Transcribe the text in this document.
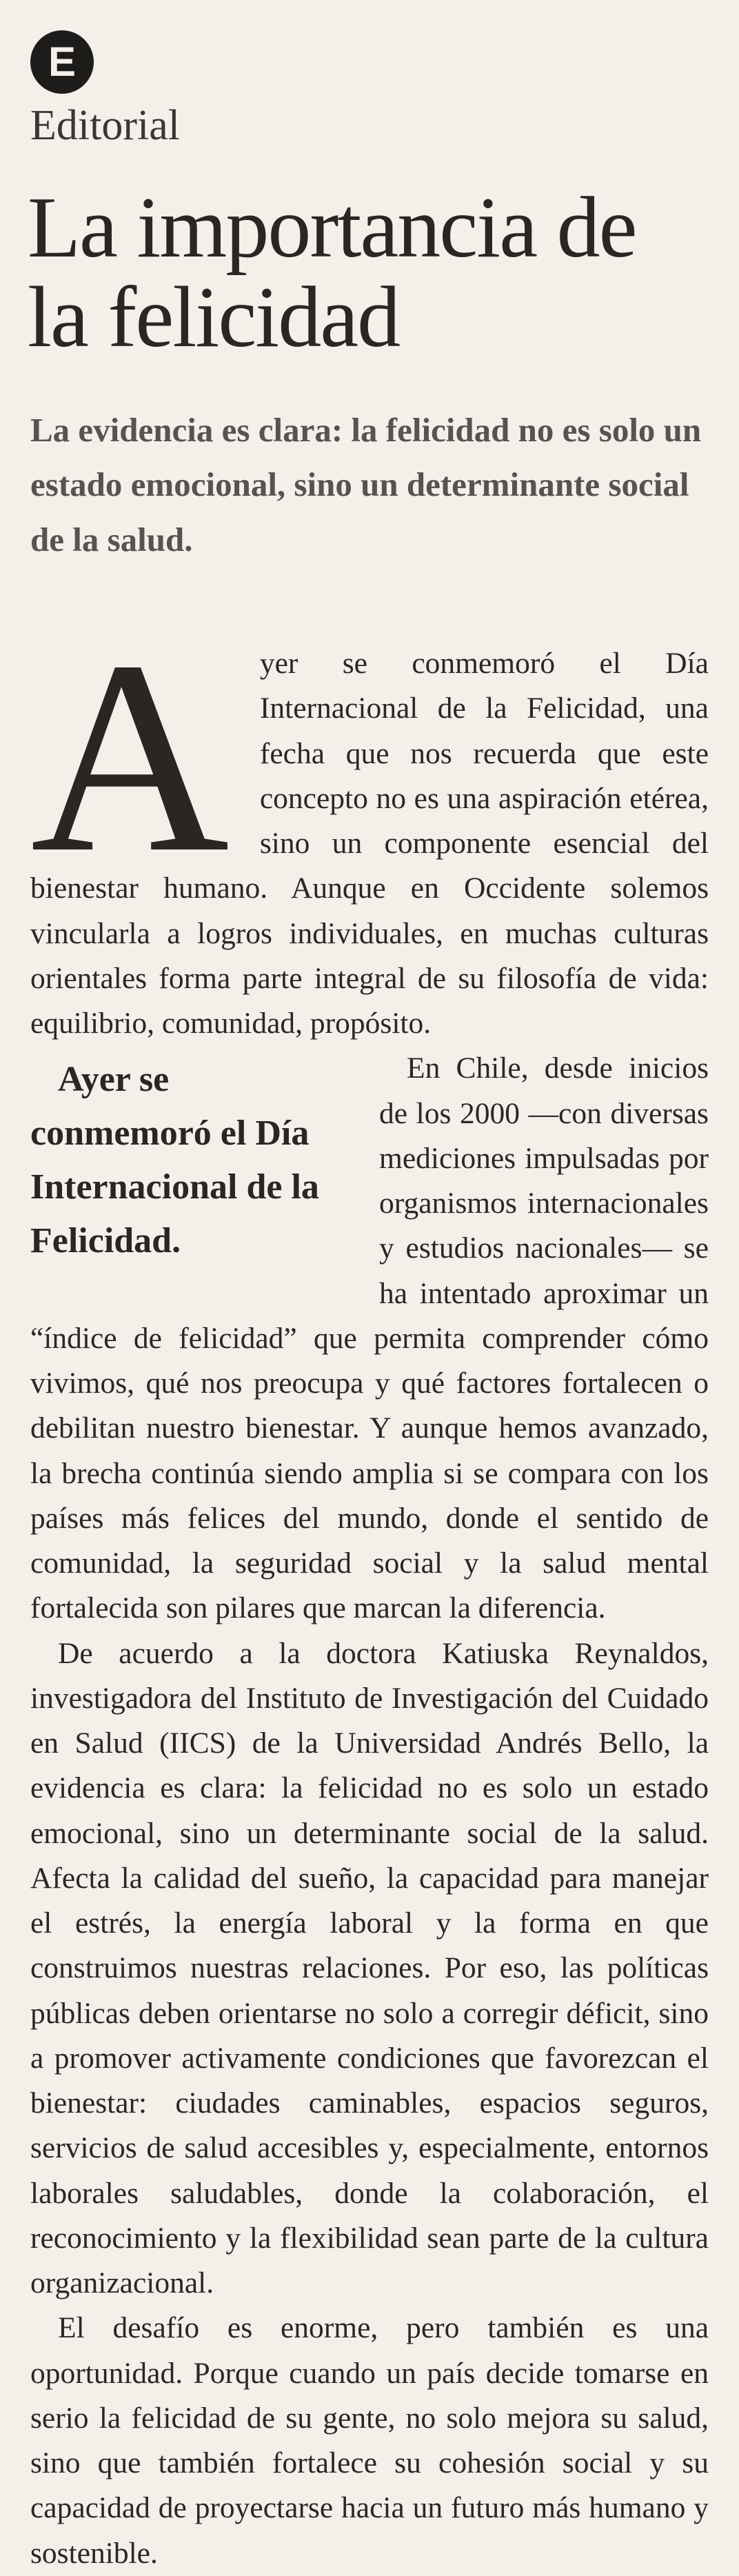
E
Editorial
La importancia de la felicidad
La evidencia es clara: la felicidad no es solo un estado emocional, sino un determinante social de la salud.
A	yer se conmemoró el Día Internacional de la Felicidad, una fecha que nos recuerda que este concepto no es una aspiración etérea, sino un componente esencial del bienestar humano. Aunque en Occidente solemos vincularla a logros individuales, en muchas culturas orientales forma parte integral de su filosofía de vida: equilibrio, comunidad, propósito.

Ayer se conmemoró el Día Internacional de la Felicidad.
En Chile, desde inicios de los 2000 —con diversas mediciones impulsadas por organismos internacionales y estudios nacionales— se ha intentado aproximar un “índice de felicidad” que permita comprender cómo vivimos, qué nos preocupa y qué factores fortalecen o debilitan nuestro bienestar. Y aunque hemos avanzado, la brecha continúa siendo amplia si se compara con los países más felices del mundo, donde el sentido de comunidad, la seguridad social y la salud mental fortalecida son pilares que marcan la diferencia.

De acuerdo a la doctora Katiuska Reynaldos, investigadora del Instituto de Investigación del Cuidado en Salud (IICS) de la Universidad Andrés Bello, la evidencia es clara: la felicidad no es solo un estado emocional, sino un determinante social de la salud. Afecta la calidad del sueño, la capacidad para manejar el estrés, la energía laboral y la forma en que construimos nuestras relaciones. Por eso, las políticas públicas deben orientarse no solo a corregir déficit, sino a promover activamente condiciones que favorezcan el bienestar: ciudades caminables, espacios seguros, servicios de salud accesibles y, especialmente, entornos laborales saludables, donde la colaboración, el reconocimiento y la flexibilidad sean parte de la cultura organizacional.

El desafío es enorme, pero también es una oportunidad. Porque cuando un país decide tomarse en serio la felicidad de su gente, no solo mejora su salud, sino que también fortalece su cohesión social y su capacidad de proyectarse hacia un futuro más humano y sostenible.
